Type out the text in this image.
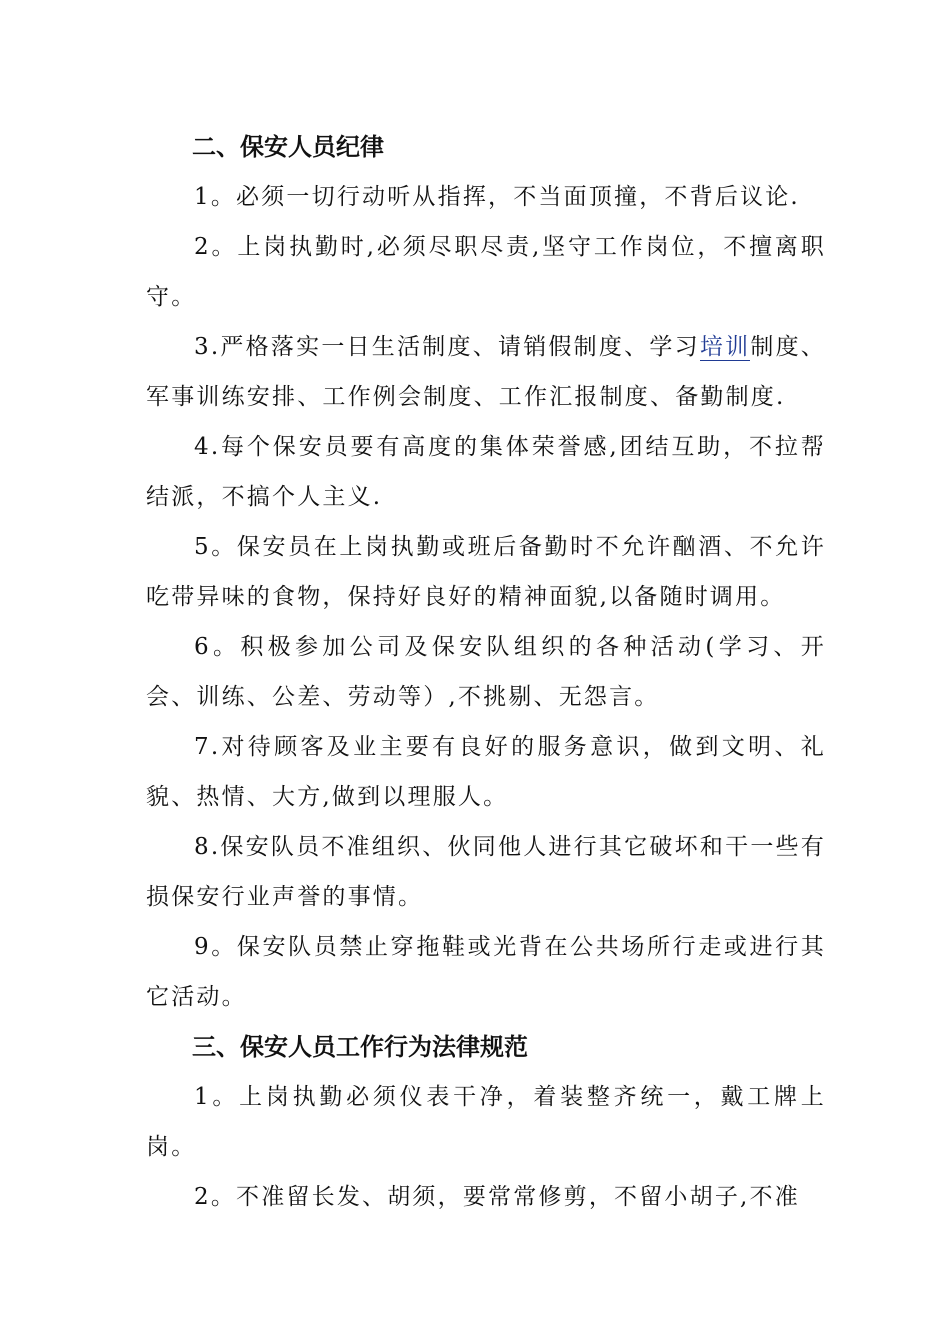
二、保安人员纪律

1。必须一切行动听从指挥，不当面顶撞，不背后议论.

2。上岗执勤时,必须尽职尽责,坚守工作岗位，不擅离职守。

3.严格落实一日生活制度、请销假制度、学习培训制度、军事训练安排、工作例会制度、工作汇报制度、备勤制度.

4.每个保安员要有高度的集体荣誉感,团结互助，不拉帮结派，不搞个人主义.

5。保安员在上岗执勤或班后备勤时不允许酗酒、不允许吃带异味的食物，保持好良好的精神面貌,以备随时调用。

6。积极参加公司及保安队组织的各种活动(学习、开会、训练、公差、劳动等）,不挑剔、无怨言。

7.对待顾客及业主要有良好的服务意识，做到文明、礼貌、热情、大方,做到以理服人。

8.保安队员不准组织、伙同他人进行其它破坏和干一些有损保安行业声誉的事情。

9。保安队员禁止穿拖鞋或光背在公共场所行走或进行其它活动。

三、保安人员工作行为法律规范

1。上岗执勤必须仪表干净，着装整齐统一，戴工牌上岗。

2。不准留长发、胡须，要常常修剪，不留小胡子,不准
